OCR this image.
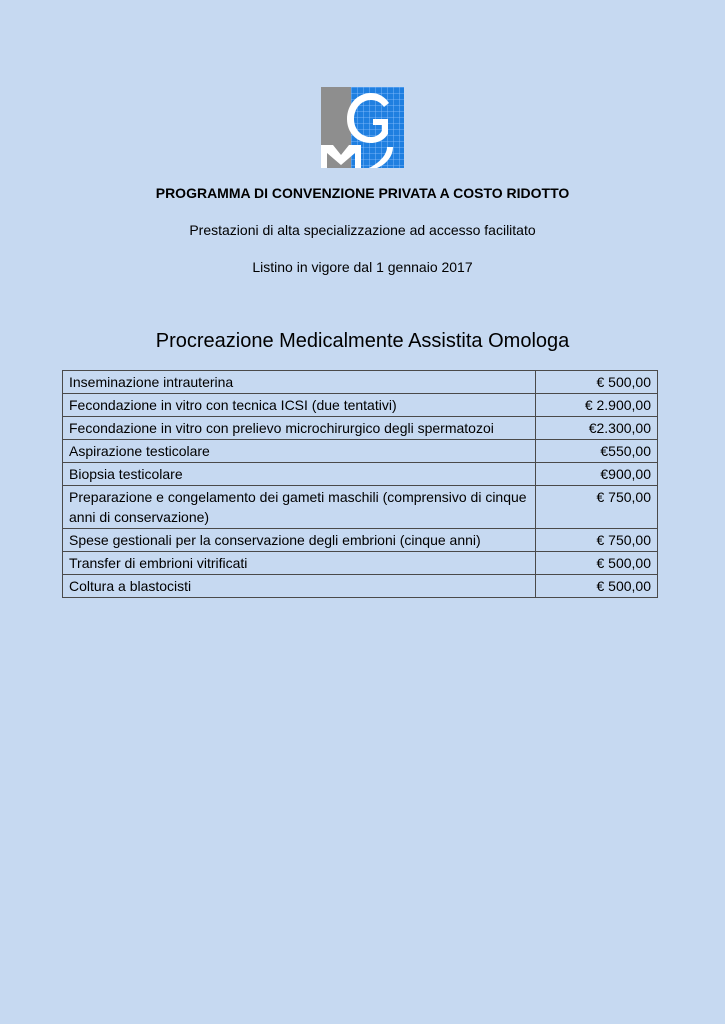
PROGRAMMA DI CONVENZIONE PRIVATA A COSTO RIDOTTO
Prestazioni di alta specializzazione ad accesso facilitato
Listino in vigore dal 1 gennaio 2017
Procreazione Medicalmente Assistita Omologa
Inseminazione intrauterina	€ 500,00
Fecondazione in vitro con tecnica ICSI (due tentativi)	€ 2.900,00
Fecondazione in vitro con prelievo microchirurgico degli spermatozoi	€2.300,00
Aspirazione testicolare	€550,00
Biopsia testicolare	€900,00
Preparazione e congelamento dei gameti maschili (comprensivo di cinque anni di conservazione)	€ 750,00
Spese gestionali per la conservazione degli embrioni (cinque anni)	€ 750,00
Transfer di embrioni vitrificati	€ 500,00
Coltura a blastocisti	€ 500,00
